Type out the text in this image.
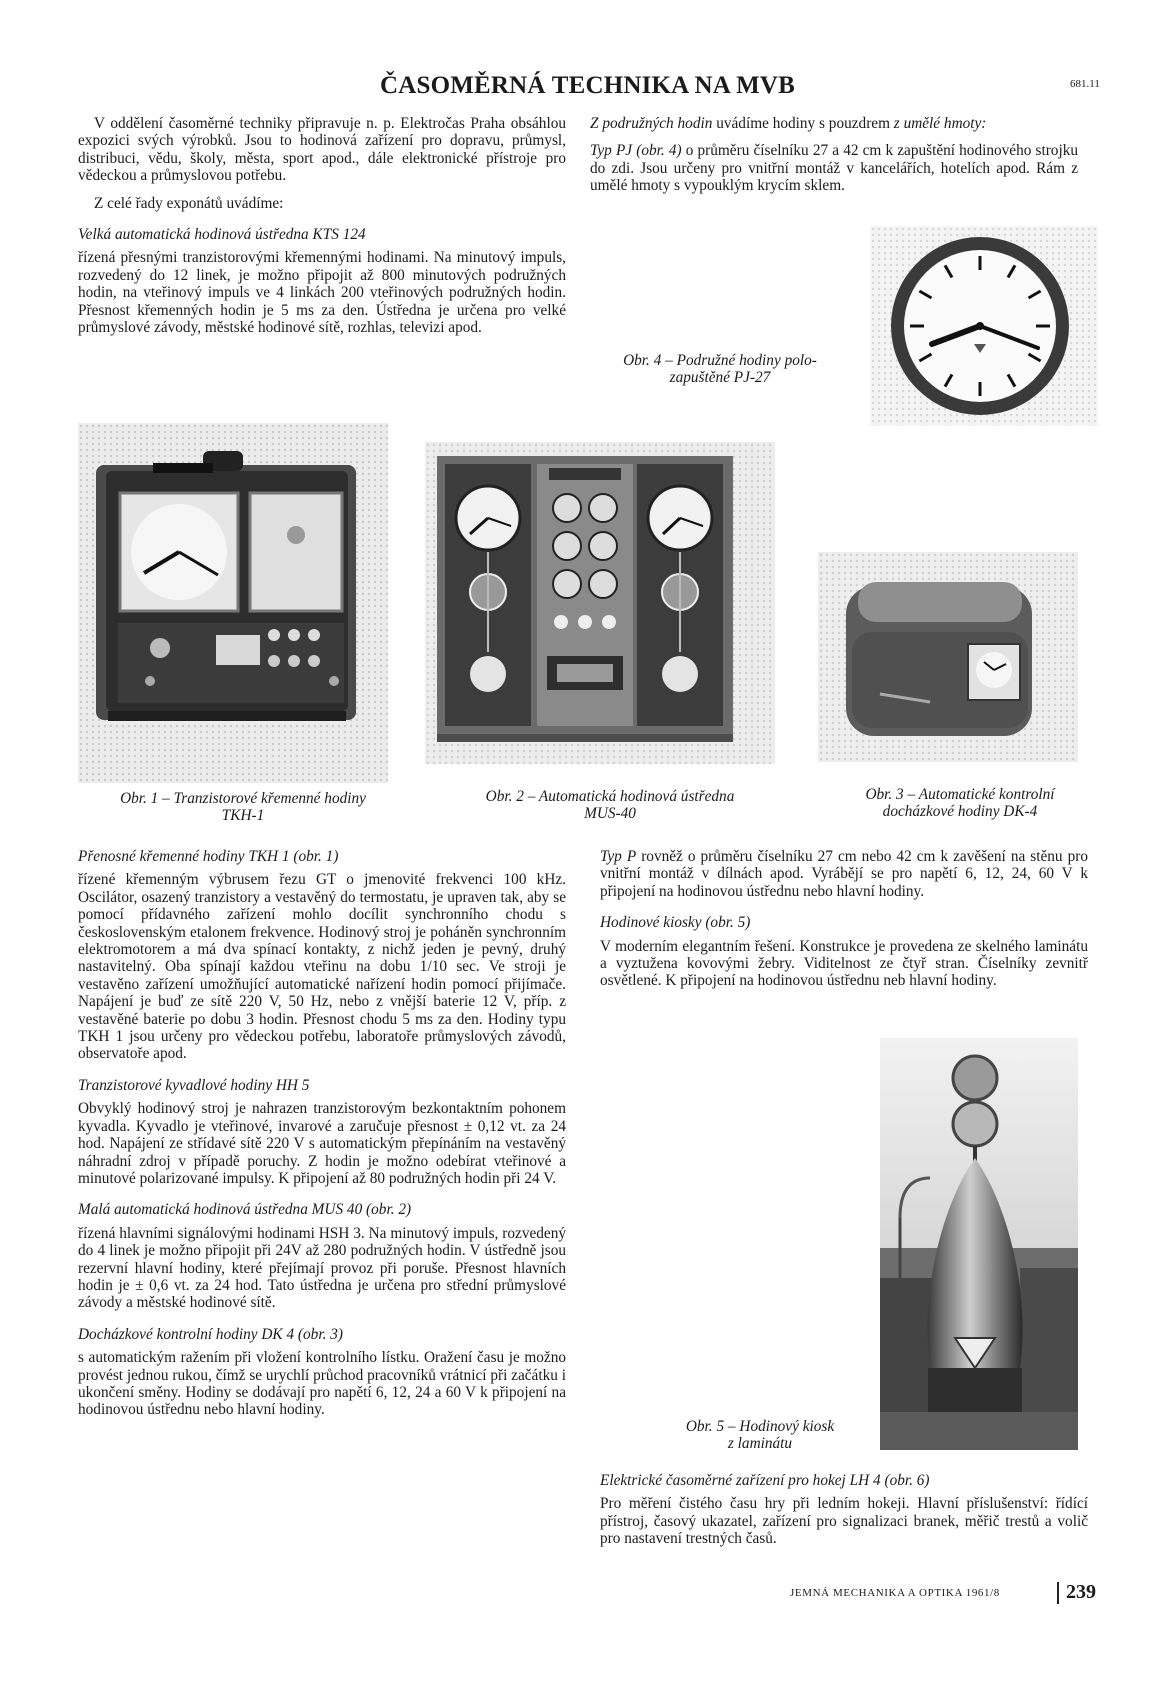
ČASOMĚRNÁ TECHNIKA NA MVB	681.11

V oddělení časoměrné techniky připravuje n. p. Elektročas Praha obsáhlou expozici svých výrobků. Jsou to hodinová zařízení pro dopravu, průmysl, distribuci, vědu, školy, města, sport apod., dále elektronické přístroje pro vědeckou a průmyslovou potřebu.

Z celé řady exponátů uvádíme:

Velká automatická hodinová ústředna KTS 124

řízená přesnými tranzistorovými křemennými hodinami. Na minutový impuls, rozvedený do 12 linek, je možno připojit až 800 minutových podružných hodin, na vteřinový impuls ve 4 linkách 200 vteřinových podružných hodin. Přesnost křemenných hodin je 5 ms za den. Ústředna je určena pro velké průmyslové závody, městské hodinové sítě, rozhlas, televizi apod.

Z podružných hodin uvádíme hodiny s pouzdrem z umělé hmoty:

Typ PJ (obr. 4) o průměru číselníku 27 a 42 cm k zapuštění hodinového strojku do zdi. Jsou určeny pro vnitřní montáž v kancelářích, hotelích apod. Rám z umělé hmoty s vypouklým krycím sklem.

Obr. 4 – Podružné hodiny polo-
zapuštěné PJ-27
Obr. 1 – Tranzistorové křemenné hodiny
TKH-1
Obr. 2 – Automatická hodinová ústředna
MUS-40
Obr. 3 – Automatické kontrolní
docházkové hodiny DK-4

Přenosné křemenné hodiny TKH 1 (obr. 1)

řízené křemenným výbrusem řezu GT o jmenovité frekvenci 100 kHz. Oscilátor, osazený tranzistory a vestavěný do termostatu, je upraven tak, aby se pomocí přídavného zařízení mohlo docílit synchronního chodu s československým etalonem frekvence. Hodinový stroj je poháněn synchronním elektromotorem a má dva spínací kontakty, z nichž jeden je pevný, druhý nastavitelný. Oba spínají každou vteřinu na dobu 1/10 sec. Ve stroji je vestavěno zařízení umožňující automatické nařízení hodin pomocí přijímače. Napájení je buď ze sítě 220 V, 50 Hz, nebo z vnější baterie 12 V, příp. z vestavěné baterie po dobu 3 hodin. Přesnost chodu 5 ms za den. Hodiny typu TKH 1 jsou určeny pro vědeckou potřebu, laboratoře průmyslových závodů, observatoře apod.

Tranzistorové kyvadlové hodiny HH 5

Obvyklý hodinový stroj je nahrazen tranzistorovým bezkontaktním pohonem kyvadla. Kyvadlo je vteřinové, invarové a zaručuje přesnost ± 0,12 vt. za 24 hod. Napájení ze střídavé sítě 220 V s automatickým přepínáním na vestavěný náhradní zdroj v případě poruchy. Z hodin je možno odebírat vteřinové a minutové polarizované impulsy. K připojení až 80 podružných hodin při 24 V.

Malá automatická hodinová ústředna MUS 40 (obr. 2)

řízená hlavními signálovými hodinami HSH 3. Na minutový impuls, rozvedený do 4 linek je možno připojit při 24V až 280 podružných hodin. V ústředně jsou rezervní hlavní hodiny, které přejímají provoz při poruše. Přesnost hlavních hodin je ± 0,6 vt. za 24 hod. Tato ústředna je určena pro střední průmyslové závody a městské hodinové sítě.

Docházkové kontrolní hodiny DK 4 (obr. 3)

s automatickým ražením při vložení kontrolního lístku. Oražení času je možno provést jednou rukou, čímž se urychlí průchod pracovníků vrátnicí při začátku i ukončení směny. Hodiny se dodávají pro napětí 6, 12, 24 a 60 V k připojení na hodinovou ústřednu nebo hlavní hodiny.

Typ P rovněž o průměru číselníku 27 cm nebo 42 cm k zavěšení na stěnu pro vnitřní montáž v dílnách apod. Vyrábějí se pro napětí 6, 12, 24, 60 V k připojení na hodinovou ústřednu nebo hlavní hodiny.

Hodinové kiosky (obr. 5)

V moderním elegantním řešení. Konstrukce je provedena ze skelného laminátu a vyztužena kovovými žebry. Viditelnost ze čtyř stran. Číselníky zevnitř osvětlené. K připojení na hodinovou ústřednu neb hlavní hodiny.

Obr. 5 – Hodinový kiosk
z laminátu

Elektrické časoměrné zařízení pro hokej LH 4 (obr. 6)

Pro měření čistého času hry při ledním hokeji. Hlavní příslušenství: řídící přístroj, časový ukazatel, zařízení pro signalizaci branek, měřič trestů a volič pro nastavení trestných časů.

JEMNÁ MECHANIKA A OPTIKA 1961/8	239
